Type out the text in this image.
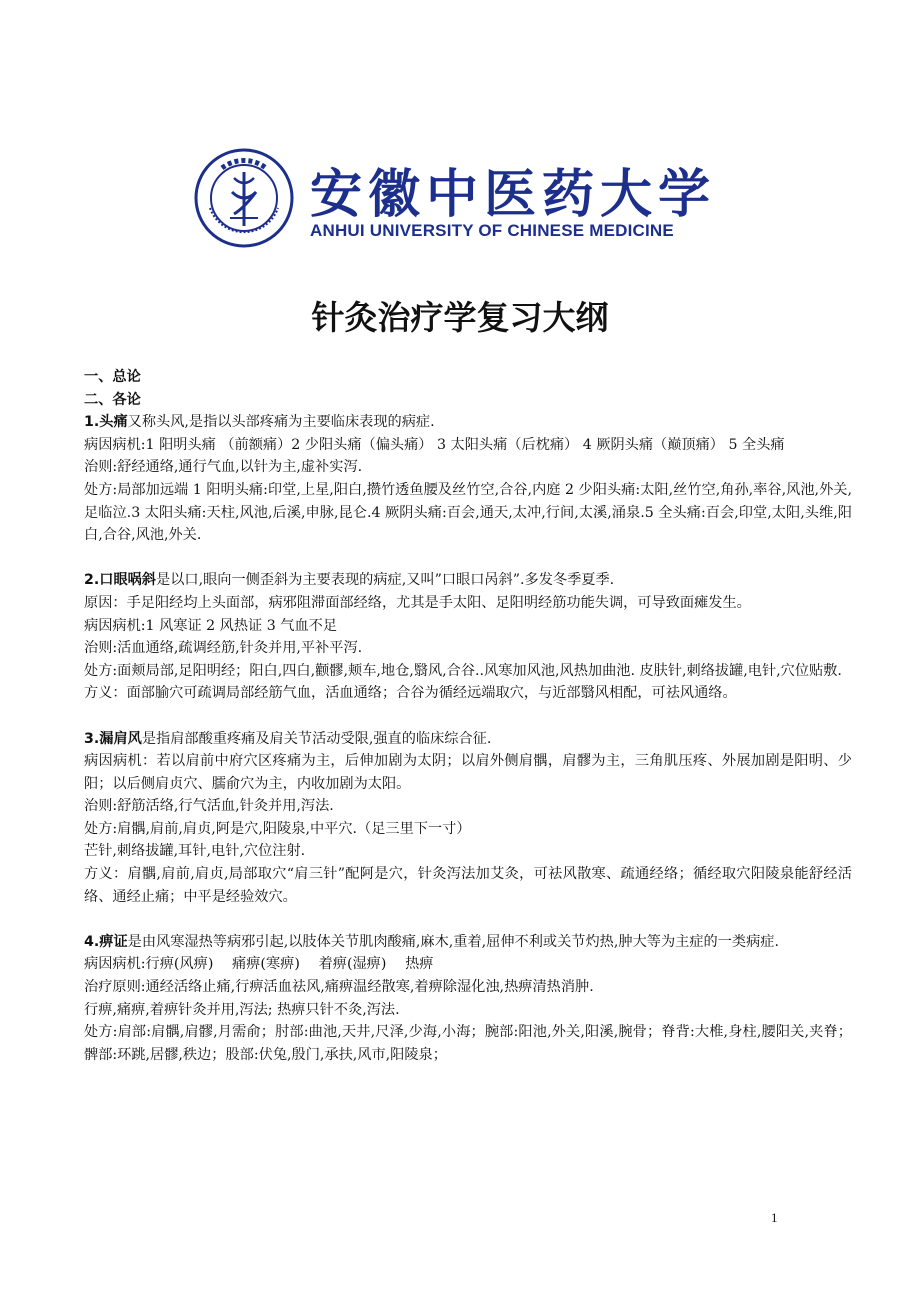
安徽中医药大学
ANHUI UNIVERSITY OF CHINESE MEDICINE
针灸治疗学复习大纲

一、总论

二、各论

1.头痛又称头风,是指以头部疼痛为主要临床表现的病症.

病因病机:1 阳明头痛 （前额痛）2 少阳头痛（偏头痛） 3 太阳头痛（后枕痛） 4 厥阴头痛（巅顶痛） 5 全头痛

治则:舒经通络,通行气血,以针为主,虚补实泻.

处方:局部加远端 1 阳明头痛:印堂,上星,阳白,攒竹透鱼腰及丝竹空,合谷,内庭 2 少阳头痛:太阳,丝竹空,角孙,率谷,风池,外关,足临泣.3 太阳头痛:天柱,风池,后溪,申脉,昆仑.4 厥阴头痛:百会,通天,太冲,行间,太溪,涌泉.5 全头痛:百会,印堂,太阳,头维,阳白,合谷,风池,外关.

2.口眼㖞斜是以口,眼向一侧歪斜为主要表现的病症,又叫”口眼口呙斜”.多发冬季夏季.

原因：手足阳经均上头面部，病邪阻滞面部经络，尤其是手太阳、足阳明经筋功能失调，可导致面瘫发生。

病因病机:1 风寒证 2 风热证 3 气血不足

治则:活血通络,疏调经筋,针灸并用,平补平泻.

处方:面颊局部,足阳明经；阳白,四白,颧髎,颊车,地仓,翳风,合谷..风寒加风池,风热加曲池. 皮肤针,刺络拔罐,电针,穴位贴敷.

方义：面部腧穴可疏调局部经筋气血，活血通络；合谷为循经远端取穴，与近部翳风相配，可祛风通络。

3.漏肩风是指肩部酸重疼痛及肩关节活动受限,强直的临床综合征.

病因病机：若以肩前中府穴区疼痛为主，后伸加剧为太阴；以肩外侧肩髃，肩髎为主，三角肌压疼、外展加剧是阳明、少阳；以后侧肩贞穴、臑俞穴为主，内收加剧为太阳。

治则:舒筋活络,行气活血,针灸并用,泻法.

处方:肩髃,肩前,肩贞,阿是穴,阳陵泉,中平穴.（足三里下一寸）

芒针,刺络拔罐,耳针,电针,穴位注射.

方义：肩髃,肩前,肩贞,局部取穴“肩三针”配阿是穴，针灸泻法加艾灸，可祛风散寒、疏通经络；循经取穴阳陵泉能舒经活络、通经止痛；中平是经验效穴。

4.痹证是由风寒湿热等病邪引起,以肢体关节肌肉酸痛,麻木,重着,屈伸不利或关节灼热,肿大等为主症的一类病症.

病因病机:行痹(风痹)　 痛痹(寒痹)　 着痹(湿痹)　 热痹

治疗原则:通经活络止痛,行痹活血祛风,痛痹温经散寒,着痹除湿化浊,热痹清热消肿.

行痹,痛痹,着痹针灸并用,泻法; 热痹只针不灸,泻法.

处方:肩部:肩髃,肩髎,月需俞；肘部:曲池,天井,尺泽,少海,小海；腕部:阳池,外关,阳溪,腕骨；脊背:大椎,身柱,腰阳关,夹脊；髀部:环跳,居髎,秩边；股部:伏兔,殷门,承扶,风市,阳陵泉；

1
